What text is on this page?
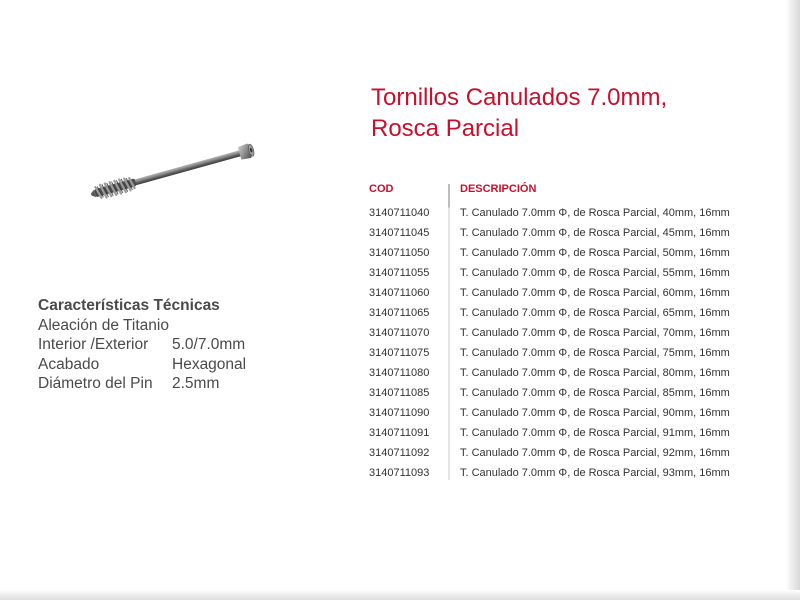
Tornillos Canulados 7.0mm,
Rosca Parcial
Características Técnicas
Aleación de Titanio
Interior /Exterior	5.0/7.0mm
Acabado	Hexagonal
Diámetro del Pin	2.5mm
COD	DESCRIPCIÓN
3140711040	T. Canulado 7.0mm Φ, de Rosca Parcial, 40mm, 16mm
3140711045	T. Canulado 7.0mm Φ, de Rosca Parcial, 45mm, 16mm
3140711050	T. Canulado 7.0mm Φ, de Rosca Parcial, 50mm, 16mm
3140711055	T. Canulado 7.0mm Φ, de Rosca Parcial, 55mm, 16mm
3140711060	T. Canulado 7.0mm Φ, de Rosca Parcial, 60mm, 16mm
3140711065	T. Canulado 7.0mm Φ, de Rosca Parcial, 65mm, 16mm
3140711070	T. Canulado 7.0mm Φ, de Rosca Parcial, 70mm, 16mm
3140711075	T. Canulado 7.0mm Φ, de Rosca Parcial, 75mm, 16mm
3140711080	T. Canulado 7.0mm Φ, de Rosca Parcial, 80mm, 16mm
3140711085	T. Canulado 7.0mm Φ, de Rosca Parcial, 85mm, 16mm
3140711090	T. Canulado 7.0mm Φ, de Rosca Parcial, 90mm, 16mm
3140711091	T. Canulado 7.0mm Φ, de Rosca Parcial, 91mm, 16mm
3140711092	T. Canulado 7.0mm Φ, de Rosca Parcial, 92mm, 16mm
3140711093	T. Canulado 7.0mm Φ, de Rosca Parcial, 93mm, 16mm
